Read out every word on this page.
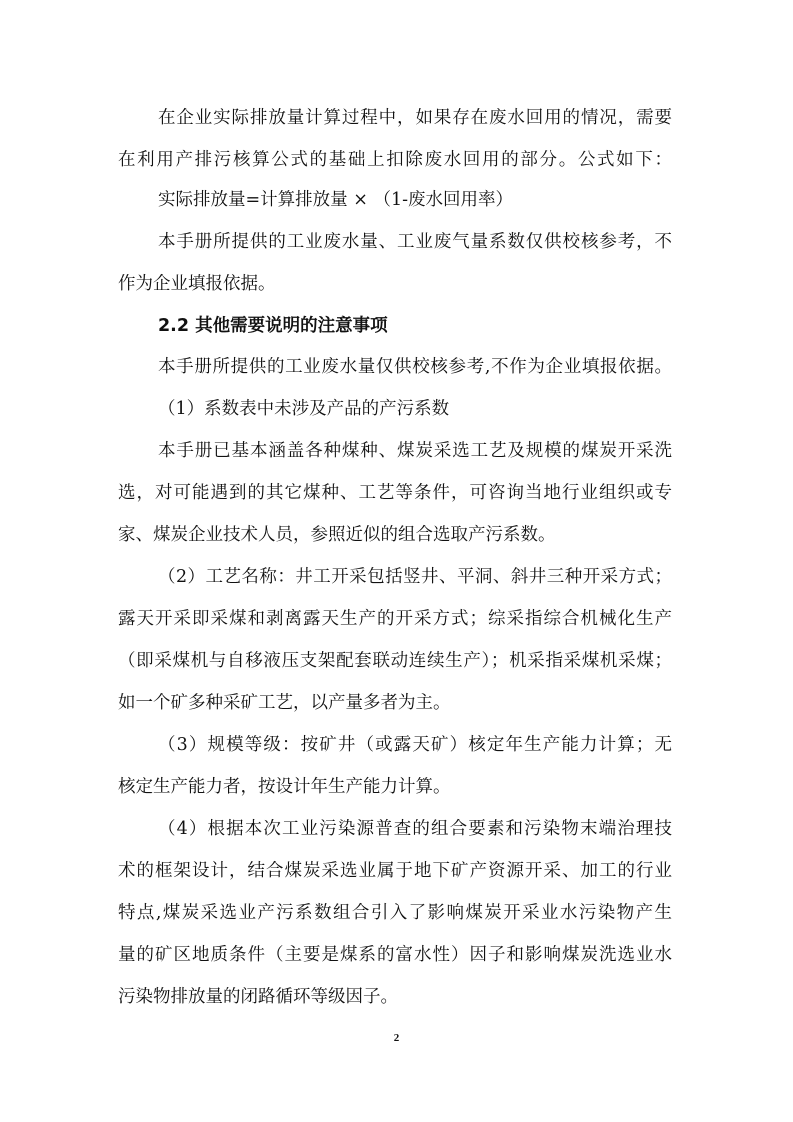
在企业实际排放量计算过程中，如果存在废水回用的情况，需要

在利用产排污核算公式的基础上扣除废水回用的部分。公式如下：

实际排放量=计算排放量 × （1-废水回用率）

本手册所提供的工业废水量、工业废气量系数仅供校核参考，不

作为企业填报依据。

2.2 其他需要说明的注意事项

本手册所提供的工业废水量仅供校核参考,不作为企业填报依据。

（1）系数表中未涉及产品的产污系数

本手册已基本涵盖各种煤种、煤炭采选工艺及规模的煤炭开采洗

选，对可能遇到的其它煤种、工艺等条件，可咨询当地行业组织或专

家、煤炭企业技术人员，参照近似的组合选取产污系数。

（2）工艺名称：井工开采包括竖井、平洞、斜井三种开采方式；

露天开采即采煤和剥离露天生产的开采方式；综采指综合机械化生产

（即采煤机与自移液压支架配套联动连续生产）；机采指采煤机采煤；

如一个矿多种采矿工艺，以产量多者为主。

（3）规模等级：按矿井（或露天矿）核定年生产能力计算；无

核定生产能力者，按设计年生产能力计算。

（4）根据本次工业污染源普查的组合要素和污染物末端治理技

术的框架设计，结合煤炭采选业属于地下矿产资源开采、加工的行业

特点,煤炭采选业产污系数组合引入了影响煤炭开采业水污染物产生

量的矿区地质条件（主要是煤系的富水性）因子和影响煤炭洗选业水

污染物排放量的闭路循环等级因子。

2
